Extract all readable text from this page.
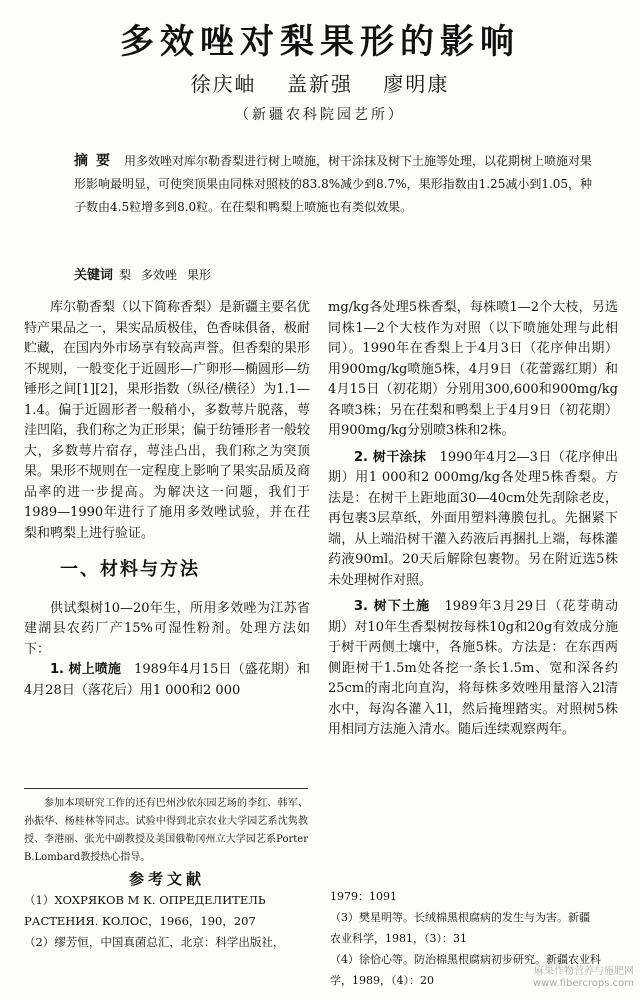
多效唑对梨果形的影响
徐庆岫 盖新强 廖明康
（新疆农科院园艺所）

摘要 用多效唑对库尔勒香梨进行树上喷施，树干涂抹及树下土施等处理，以花期树上喷施对果形影响最明显，可使突顶果由同株对照枝的83.8%减少到8.7%，果形指数由1.25减小到1.05，种子数由4.5粒增多到8.0粒。在茌梨和鸭梨上喷施也有类似效果。

关键词 梨 多效唑 果形

库尔勒香梨（以下简称香梨）是新疆主要名优特产果品之一，果实品质极佳，色香味俱备，极耐贮藏，在国内外市场享有较高声誉。但香梨的果形不规则，一般变化于近圆形—广卵形—椭圆形—纺锤形之间[1][2]，果形指数（纵径/横径）为1.1—1.4。偏于近圆形者一般稍小，多数萼片脱落，萼洼凹陷，我们称之为正形果；偏于纺锤形者一般较大，多数萼片宿存，萼洼凸出，我们称之为突顶果。果形不规则在一定程度上影响了果实品质及商品率的进一步提高。为解决这一问题，我们于1989—1990年进行了施用多效唑试验，并在茌梨和鸭梨上进行验证。

一、材料与方法

供试梨树10—20年生，所用多效唑为江苏省建湖县农药厂产15%可湿性粉剂。处理方法如下：

1. 树上喷施　 1989年4月15日（盛花期）和4月28日（落花后）用1 000和2 000

参加本项研究工作的还有巴州沙依东园艺场的李红、韩军、孙振华、杨桂林等同志。试验中得到北京农业大学园艺系沈隽教授、李港丽、张光中副教授及美国俄勒冈州立大学园艺系Porter B.Lombard教授热心指导。

参考文献
（1）ХОХРЯКОВ М К. ОПРЕДЕЛИТЕЛЬ
РАСТЕНИЯ. КОЛОС，1966，190，207
（2）缪芳恒，中国真菌总汇，北京：科学出版社，

mg/kg各处理5株香梨，每株喷1—2个大枝，另选同株1—2个大枝作为对照（以下喷施处理与此相同）。1990年在香梨上于4月3日（花序伸出期）用900mg/kg喷施5株，4月9日（花蕾露红期）和4月15日（初花期）分别用300,600和900mg/kg各喷3株；另在茌梨和鸭梨上于4月9日（初花期）用900mg/kg分别喷3株和2株。

2. 树干涂抹　 1990年4月2—3日（花序伸出期）用1 000和2 000mg/kg各处理5株香梨。方法是：在树干上距地面30—40cm处先刮除老皮，再包裹3层草纸，外面用塑料薄膜包扎。先捆紧下端，从上端沿树干灌入药液后再捆扎上端，每株灌药液90ml。20天后解除包裹物。另在附近选5株未处理树作对照。

3. 树下土施　 1989年3月29日（花芽萌动期）对10年生香梨树按每株10g和20g有效成分施于树干两侧土壤中，各施5株。方法是：在东西两侧距树干1.5m处各挖一条长1.5m、宽和深各约25cm的南北向直沟，将每株多效唑用量溶入2l清水中，每沟各灌入1l，然后掩埋踏实。对照树5株用相同方法施入清水。随后连续观察两年。

1979：1091
（3）樊星明等。长绒棉黑根腐病的发生与为害。新疆
农业科学，1981，（3）：31
（4）徐恰心等。防治棉黑根腐病初步研究。新疆农业科
学，1989，（4）：20
麻果作物营养与施肥网
www.fibercrops.com
